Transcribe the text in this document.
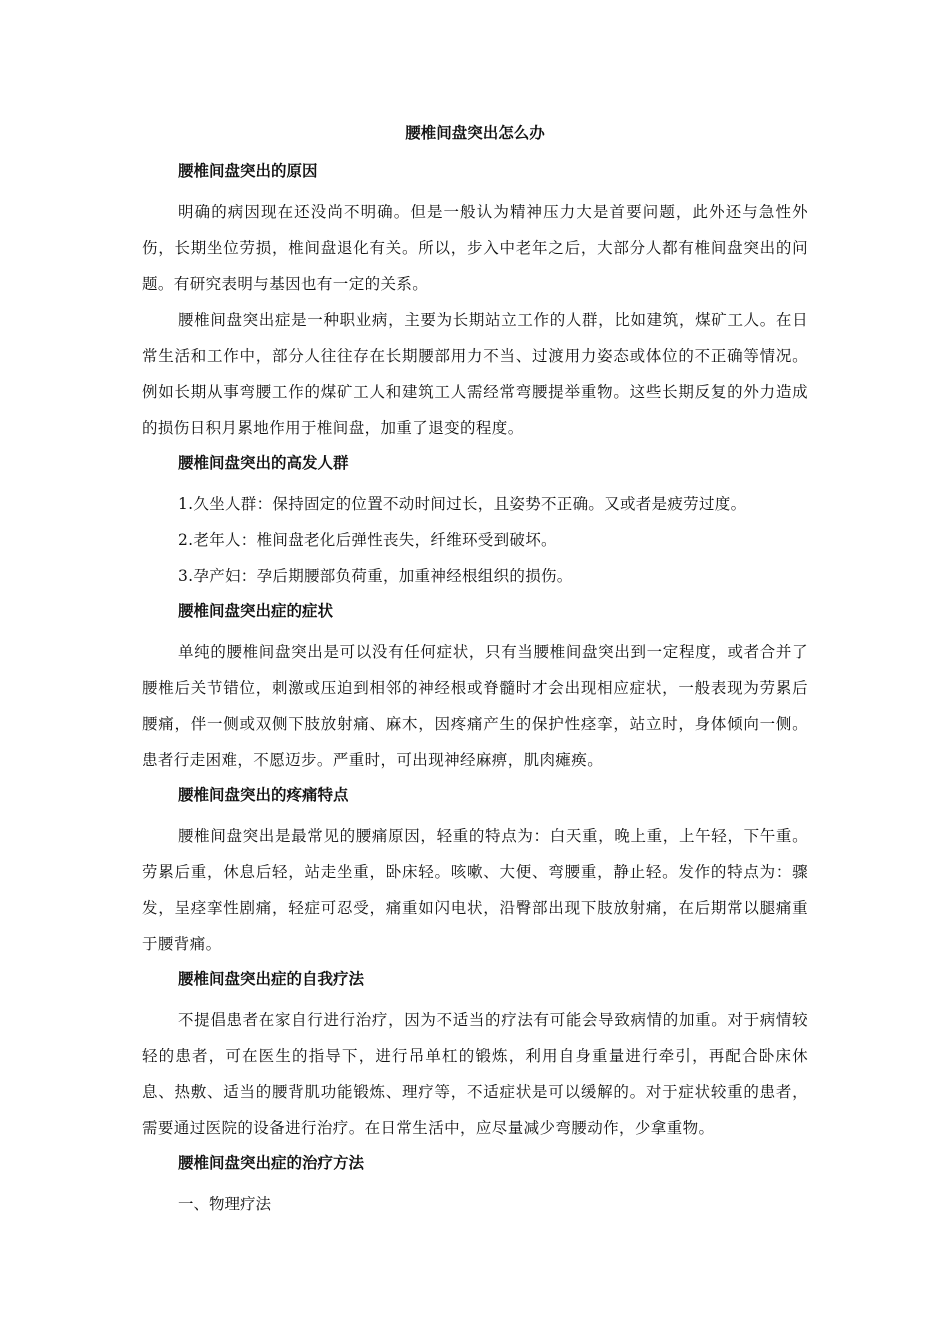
腰椎间盘突出怎么办
腰椎间盘突出的原因

明确的病因现在还没尚不明确。但是一般认为精神压力大是首要问题，此外还与急性外伤，长期坐位劳损，椎间盘退化有关。所以，步入中老年之后，大部分人都有椎间盘突出的问题。有研究表明与基因也有一定的关系。

腰椎间盘突出症是一种职业病，主要为长期站立工作的人群，比如建筑，煤矿工人。在日常生活和工作中，部分人往往存在长期腰部用力不当、过渡用力姿态或体位的不正确等情况。例如长期从事弯腰工作的煤矿工人和建筑工人需经常弯腰提举重物。这些长期反复的外力造成的损伤日积月累地作用于椎间盘，加重了退变的程度。

腰椎间盘突出的高发人群

1.久坐人群：保持固定的位置不动时间过长，且姿势不正确。又或者是疲劳过度。

2.老年人：椎间盘老化后弹性丧失，纤维环受到破坏。

3.孕产妇：孕后期腰部负荷重，加重神经根组织的损伤。

腰椎间盘突出症的症状

单纯的腰椎间盘突出是可以没有任何症状，只有当腰椎间盘突出到一定程度，或者合并了腰椎后关节错位，刺激或压迫到相邻的神经根或脊髓时才会出现相应症状，一般表现为劳累后腰痛，伴一侧或双侧下肢放射痛、麻木，因疼痛产生的保护性痉挛，站立时，身体倾向一侧。患者行走困难，不愿迈步。严重时，可出现神经麻痹，肌肉瘫痪。

腰椎间盘突出的疼痛特点

腰椎间盘突出是最常见的腰痛原因，轻重的特点为：白天重，晚上重，上午轻，下午重。劳累后重，休息后轻，站走坐重，卧床轻。咳嗽、大便、弯腰重，静止轻。发作的特点为：骤发，呈痉挛性剧痛，轻症可忍受，痛重如闪电状，沿臀部出现下肢放射痛，在后期常以腿痛重于腰背痛。

腰椎间盘突出症的自我疗法

不提倡患者在家自行进行治疗，因为不适当的疗法有可能会导致病情的加重。对于病情较轻的患者，可在医生的指导下，进行吊单杠的锻炼，利用自身重量进行牵引，再配合卧床休息、热敷、适当的腰背肌功能锻炼、理疗等，不适症状是可以缓解的。对于症状较重的患者，需要通过医院的设备进行治疗。在日常生活中，应尽量减少弯腰动作，少拿重物。

腰椎间盘突出症的治疗方法

一、物理疗法
